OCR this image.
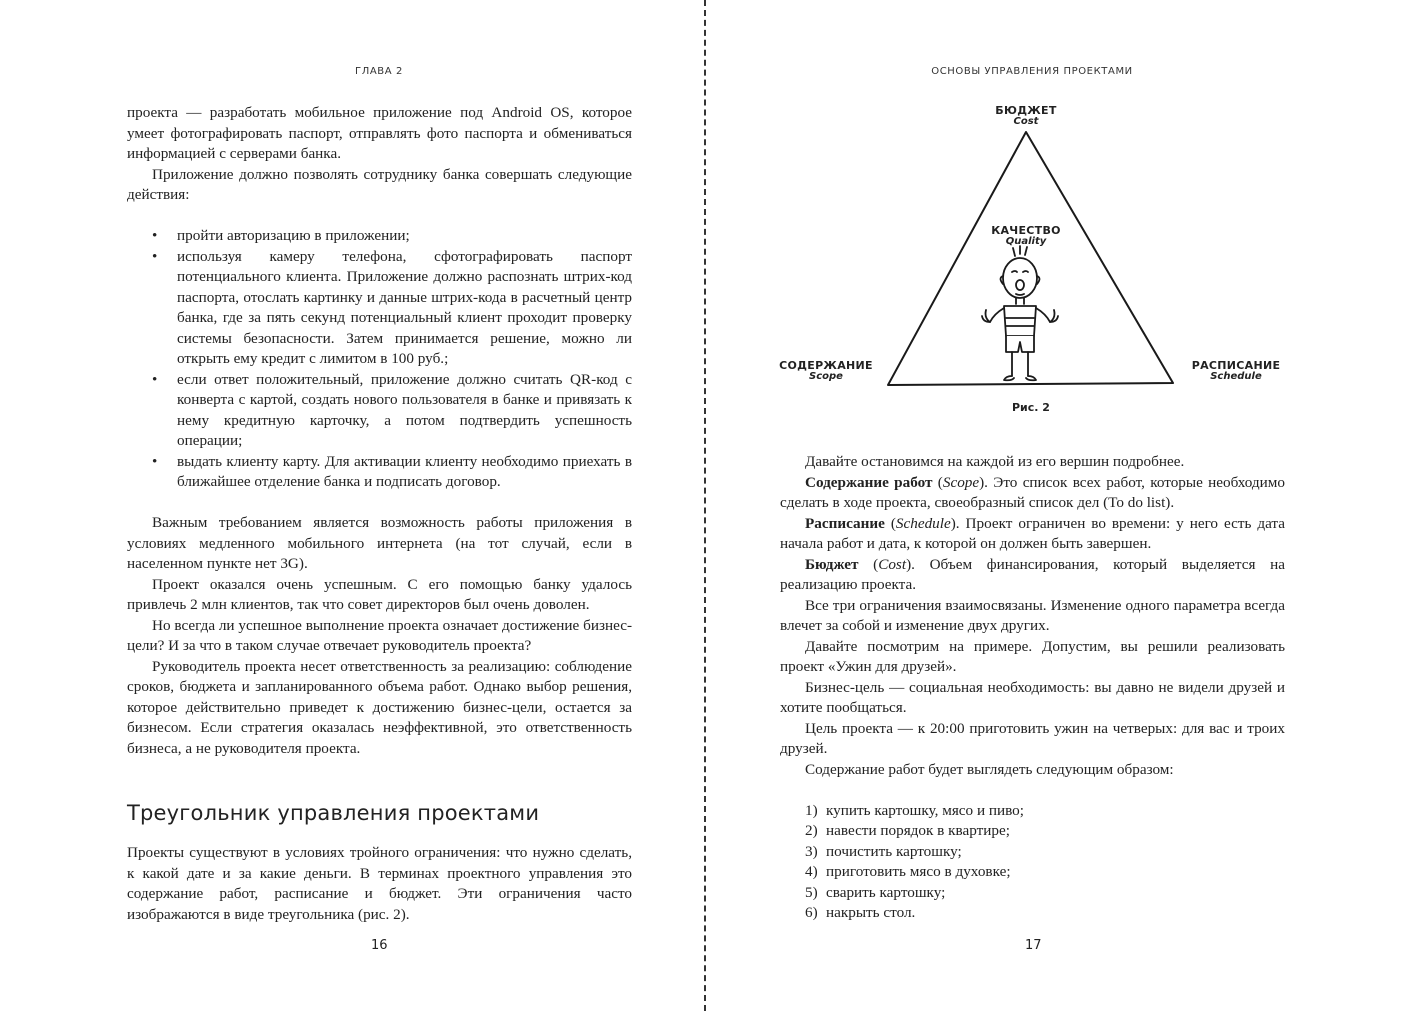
ГЛАВА 2

проекта — разработать мобильное приложение под Android OS, которое умеет фотографировать паспорт, отправлять фото паспорта и обмениваться информацией с серверами банка.

Приложение должно позволять сотруднику банка совершать следующие действия:

• пройти авторизацию в приложении;
• используя камеру телефона, сфотографировать паспорт потенциального клиента. Приложение должно распознать штрих-код паспорта, отослать картинку и данные штрих-кода в расчетный центр банка, где за пять секунд потенциальный клиент проходит проверку системы безопасности. Затем принимается решение, можно ли открыть ему кредит с лимитом в 100 руб.;
• если ответ положительный, приложение должно считать QR-код с конверта с картой, создать нового пользователя в банке и привязать к нему кредитную карточку, а потом подтвердить успешность операции;
• выдать клиенту карту. Для активации клиенту необходимо приехать в ближайшее отделение банка и подписать договор.

Важным требованием является возможность работы приложения в условиях медленного мобильного интернета (на тот случай, если в населенном пункте нет 3G).

Проект оказался очень успешным. С его помощью банку удалось привлечь 2 млн клиентов, так что совет директоров был очень доволен.

Но всегда ли успешное выполнение проекта означает достижение бизнес-цели? И за что в таком случае отвечает руководитель проекта?

Руководитель проекта несет ответственность за реализацию: соблюдение сроков, бюджета и запланированного объема работ. Однако выбор решения, которое действительно приведет к достижению бизнес-цели, остается за бизнесом. Если стратегия оказалась неэффективной, это ответственность бизнеса, а не руководителя проекта.

Треугольник управления проектами

Проекты существуют в условиях тройного ограничения: что нужно сделать, к какой дате и за какие деньги. В терминах проектного управления это содержание работ, расписание и бюджет. Эти ограничения часто изображаются в виде треугольника (рис. 2).

16
ОСНОВЫ УПРАВЛЕНИЯ ПРОЕКТАМИ
БЮДЖЕТ
Cost
КАЧЕСТВО
Quality
СОДЕРЖАНИЕ
Scope
РАСПИСАНИЕ
Schedule
Рис. 2

Давайте остановимся на каждой из его вершин подробнее.

Содержание работ (Scope). Это список всех работ, которые необходимо сделать в ходе проекта, своеобразный список дел (To do list).

Расписание (Schedule). Проект ограничен во времени: у него есть дата начала работ и дата, к которой он должен быть завершен.

Бюджет (Cost). Объем финансирования, который выделяется на реализацию проекта.

Все три ограничения взаимосвязаны. Изменение одного параметра всегда влечет за собой и изменение двух других.

Давайте посмотрим на примере. Допустим, вы решили реализовать проект «Ужин для друзей».

Бизнес-цель — социальная необходимость: вы давно не видели друзей и хотите пообщаться.

Цель проекта — к 20:00 приготовить ужин на четверых: для вас и троих друзей.

Содержание работ будет выглядеть следующим образом:

1) купить картошку, мясо и пиво;
2) навести порядок в квартире;
3) почистить картошку;
4) приготовить мясо в духовке;
5) сварить картошку;
6) накрыть стол.
17
